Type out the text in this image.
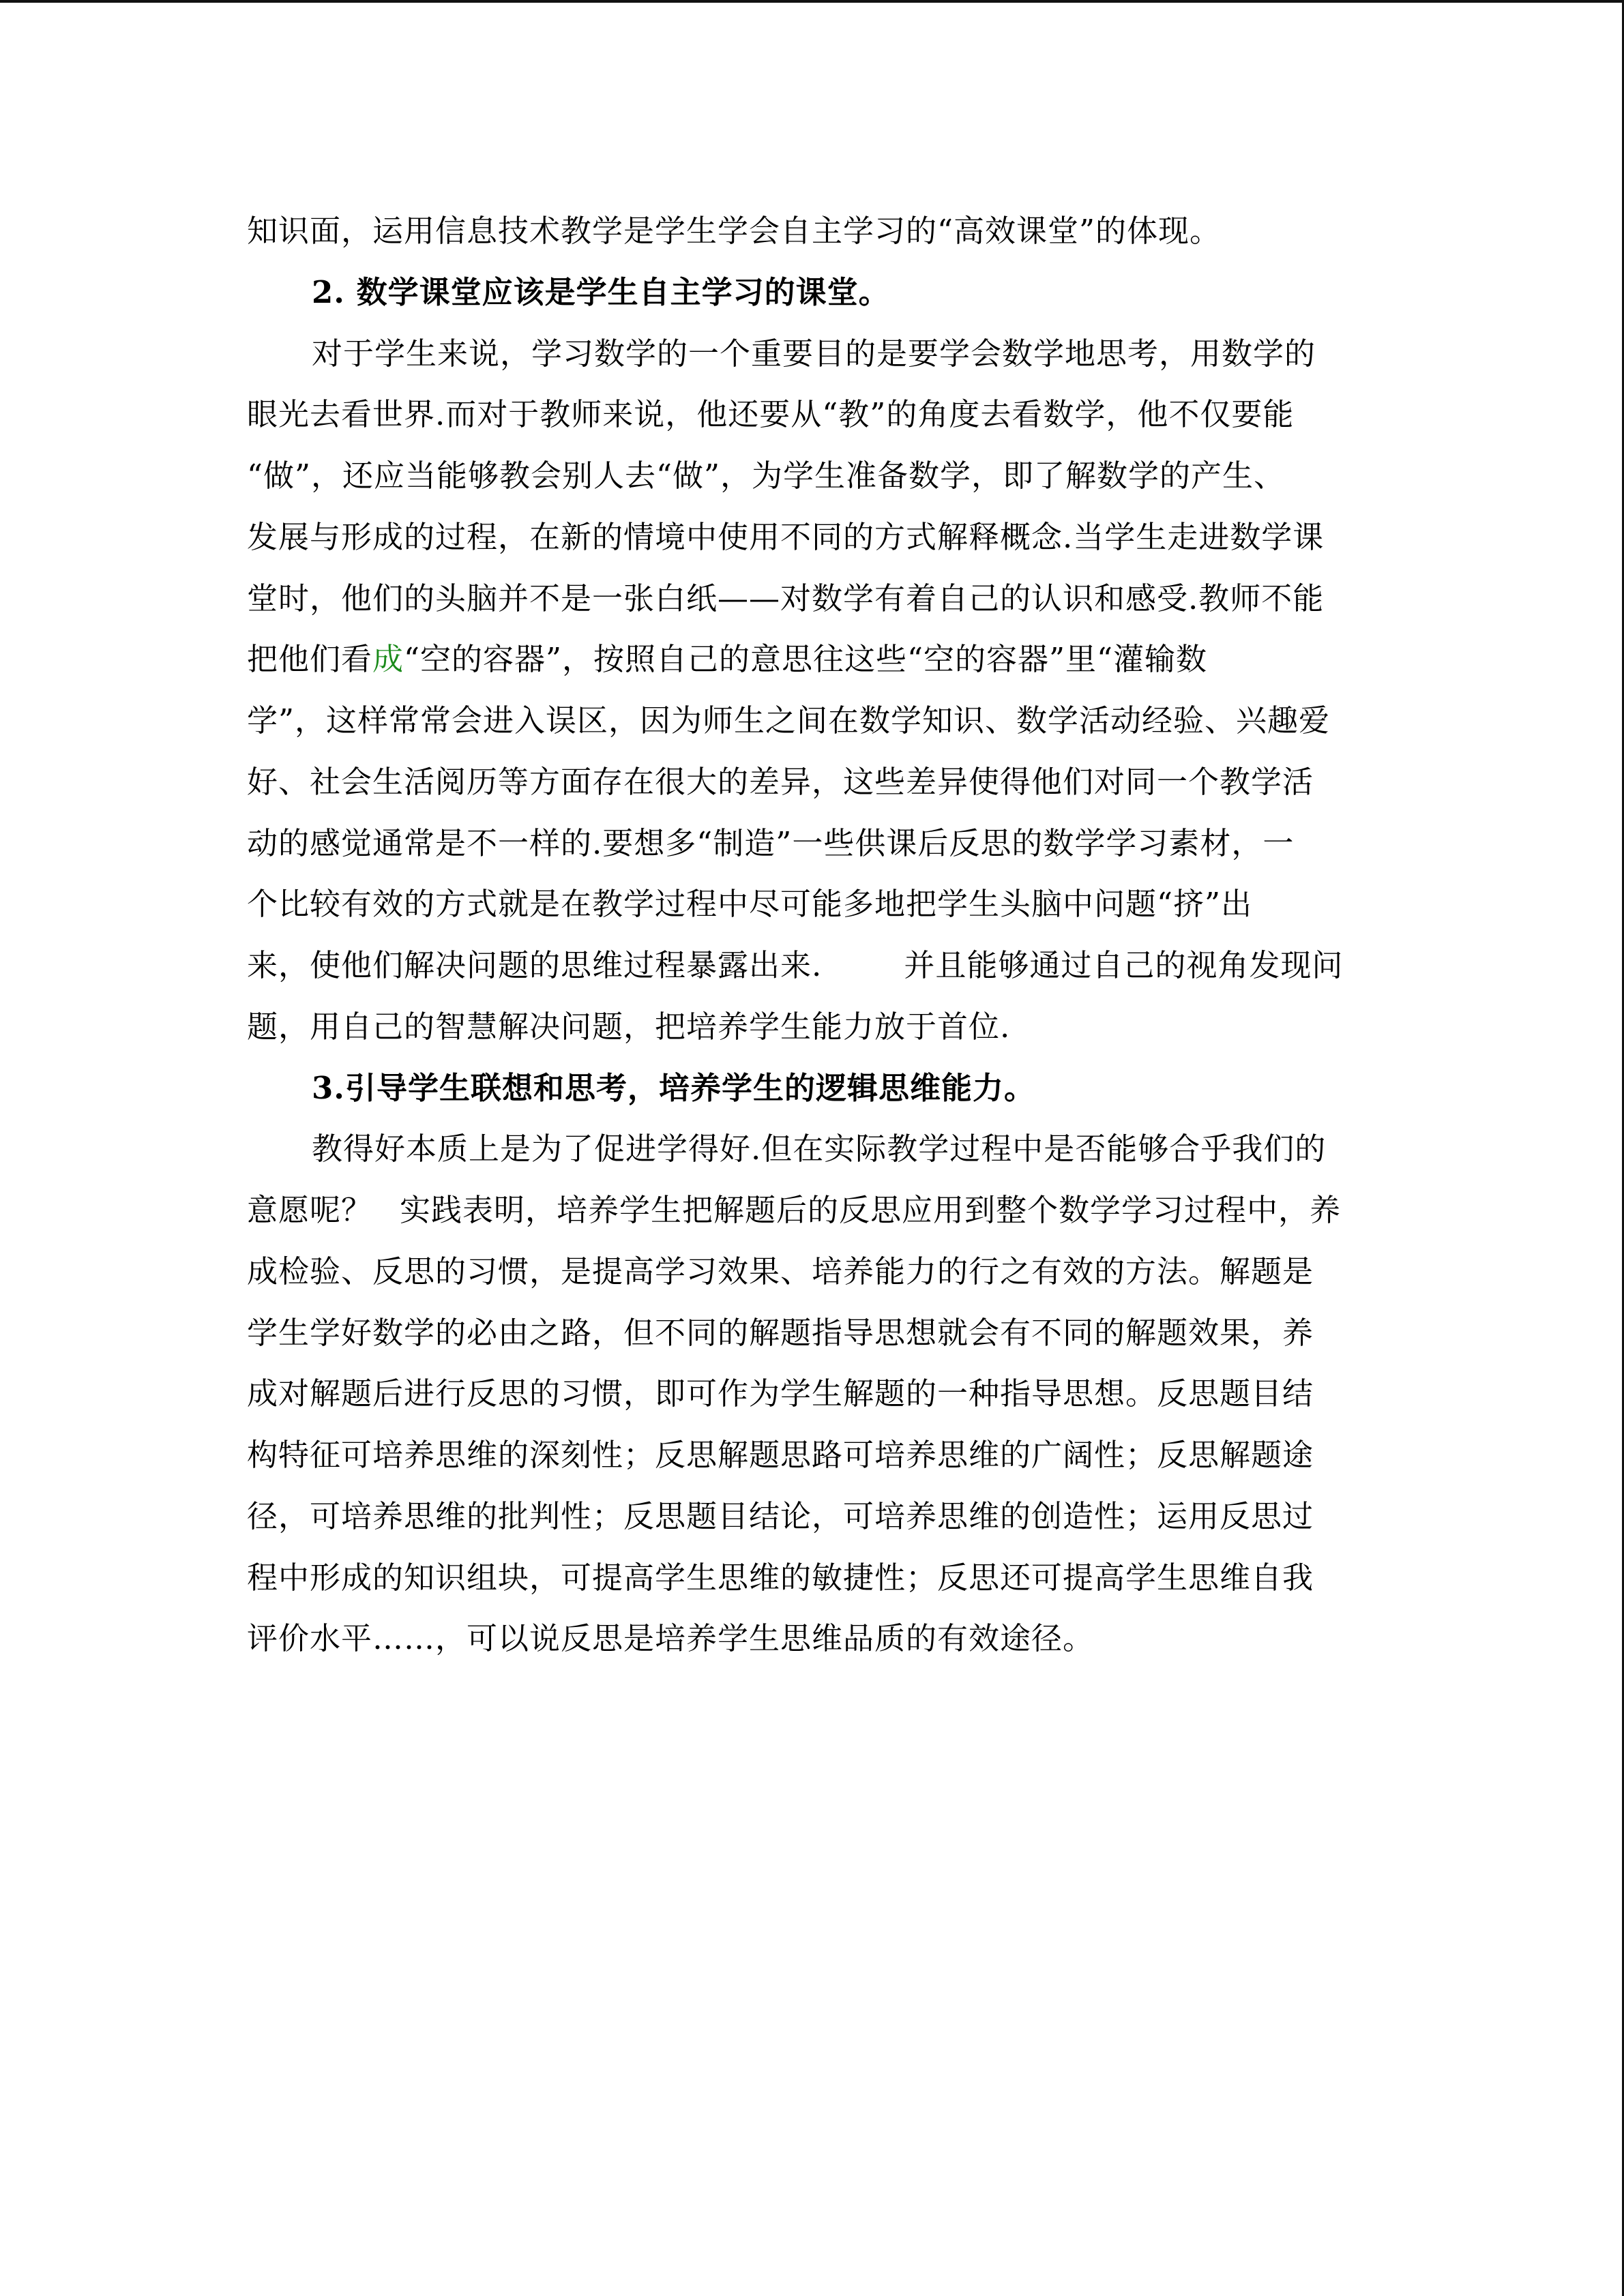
知识面，运用信息技术教学是学生学会自主学习的“高效课堂”的体现。
2. 数学课堂应该是学生自主学习的课堂。
对于学生来说，学习数学的一个重要目的是要学会数学地思考，用数学的
眼光去看世界.而对于教师来说，他还要从“教”的角度去看数学，他不仅要能
“做”，还应当能够教会别人去“做”，为学生准备数学，即了解数学的产生、
发展与形成的过程，在新的情境中使用不同的方式解释概念.当学生走进数学课
堂时，他们的头脑并不是一张白纸——对数学有着自己的认识和感受.教师不能
把他们看成“空的容器”，按照自己的意思往这些“空的容器”里“灌输数
学”，这样常常会进入误区，因为师生之间在数学知识、数学活动经验、兴趣爱
好、社会生活阅历等方面存在很大的差异，这些差异使得他们对同一个教学活
动的感觉通常是不一样的.要想多“制造”一些供课后反思的数学学习素材，一
个比较有效的方式就是在教学过程中尽可能多地把学生头脑中问题“挤”出
来，使他们解决问题的思维过程暴露出来.	并且能够通过自己的视角发现问
题，用自己的智慧解决问题，把培养学生能力放于首位.
3.引导学生联想和思考，培养学生的逻辑思维能力。
教得好本质上是为了促进学得好.但在实际教学过程中是否能够合乎我们的
意愿呢？ 实践表明，培养学生把解题后的反思应用到整个数学学习过程中，养
成检验、反思的习惯，是提高学习效果、培养能力的行之有效的方法。解题是
学生学好数学的必由之路，但不同的解题指导思想就会有不同的解题效果，养
成对解题后进行反思的习惯，即可作为学生解题的一种指导思想。反思题目结
构特征可培养思维的深刻性；反思解题思路可培养思维的广阔性；反思解题途
径，可培养思维的批判性；反思题目结论，可培养思维的创造性；运用反思过
程中形成的知识组块，可提高学生思维的敏捷性；反思还可提高学生思维自我
评价水平……，可以说反思是培养学生思维品质的有效途径。
